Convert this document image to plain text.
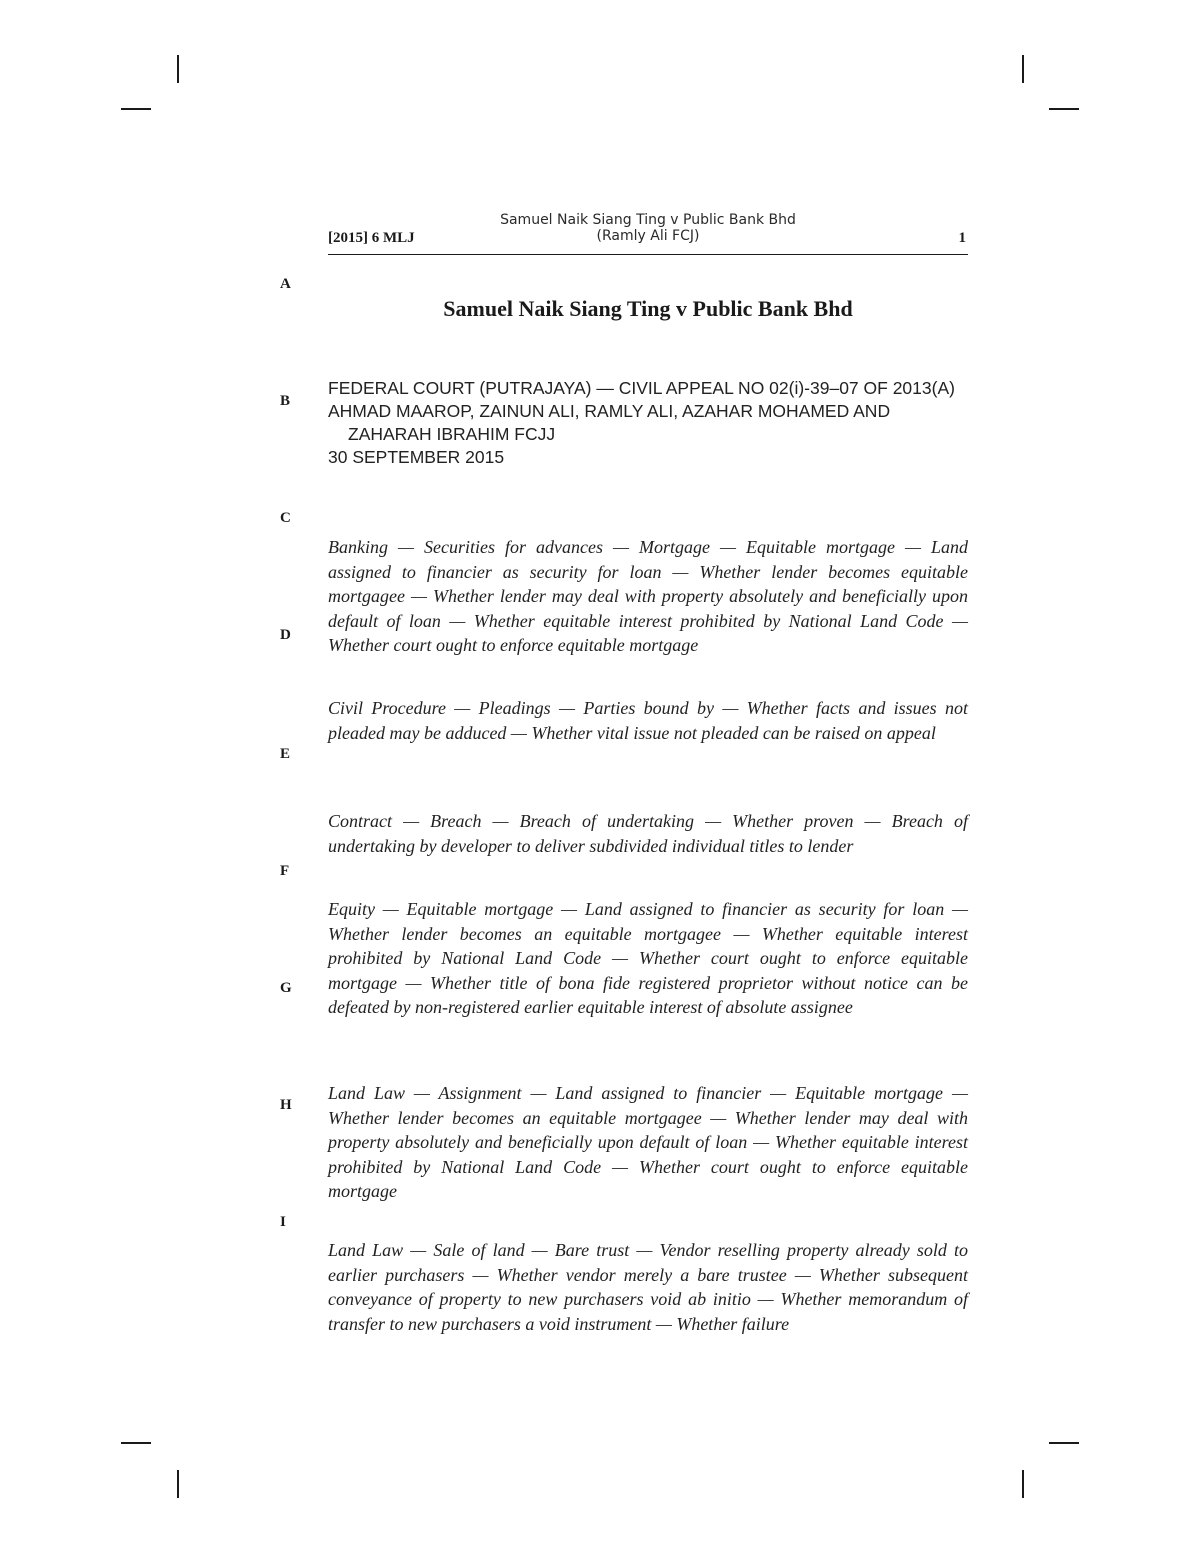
[2015] 6 MLJ
Samuel Naik Siang Ting v Public Bank Bhd
(Ramly Ali FCJ)	1
A
B
C
D
E
F
G
H
I
Samuel Naik Siang Ting v Public Bank Bhd

FEDERAL COURT (PUTRAJAYA) — CIVIL APPEAL NO 02(i)-39–07 OF 2013(A)

AHMAD MAAROP, ZAINUN ALI, RAMLY ALI, AZAHAR MOHAMED AND ZAHARAH IBRAHIM FCJJ

30 SEPTEMBER 2015

Banking — Securities for advances — Mortgage — Equitable mortgage — Land assigned to financier as security for loan — Whether lender becomes equitable mortgagee — Whether lender may deal with property absolutely and beneficially upon default of loan — Whether equitable interest prohibited by National Land Code — Whether court ought to enforce equitable mortgage

Civil Procedure — Pleadings — Parties bound by — Whether facts and issues not pleaded may be adduced — Whether vital issue not pleaded can be raised on appeal

Contract — Breach — Breach of undertaking — Whether proven — Breach of undertaking by developer to deliver subdivided individual titles to lender

Equity — Equitable mortgage — Land assigned to financier as security for loan — Whether lender becomes an equitable mortgagee — Whether equitable interest prohibited by National Land Code — Whether court ought to enforce equitable mortgage — Whether title of bona fide registered proprietor without notice can be defeated by non-registered earlier equitable interest of absolute assignee

Land Law — Assignment — Land assigned to financier — Equitable mortgage — Whether lender becomes an equitable mortgagee — Whether lender may deal with property absolutely and beneficially upon default of loan — Whether equitable interest prohibited by National Land Code — Whether court ought to enforce equitable mortgage

Land Law — Sale of land — Bare trust — Vendor reselling property already sold to earlier purchasers — Whether vendor merely a bare trustee — Whether subsequent conveyance of property to new purchasers void ab initio — Whether memorandum of transfer to new purchasers a void instrument — Whether failure
